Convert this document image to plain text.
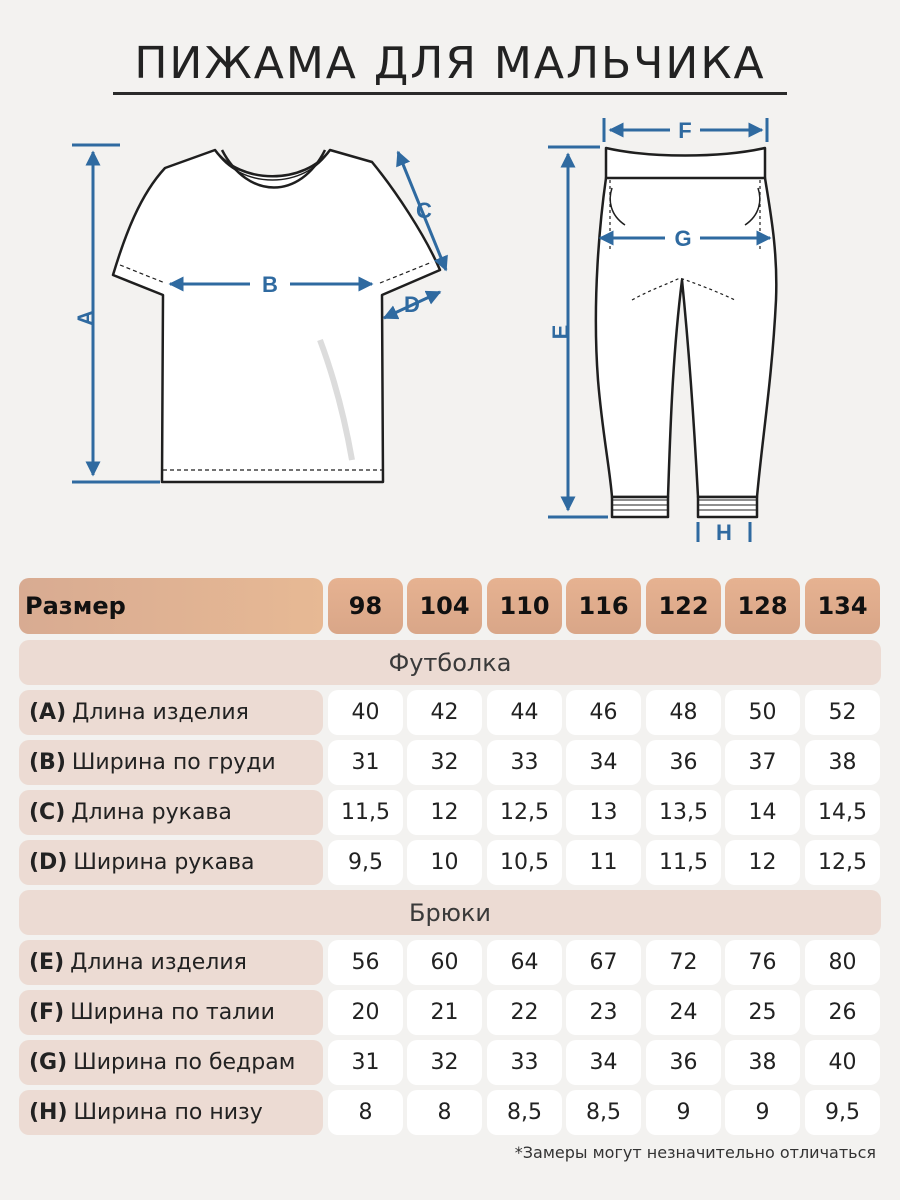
ПИЖАМА ДЛЯ МАЛЬЧИКА
A
B
C
D
F
G
E
H
Размер	98	104	110	116	122	128	134
Футболка
(A) Длина изделия	40	42	44	46	48	50	52
(B) Ширина по груди	31	32	33	34	36	37	38
(C) Длина рукава	11,5	12	12,5	13	13,5	14	14,5
(D) Ширина рукава	9,5	10	10,5	11	11,5	12	12,5
Брюки
(E) Длина изделия	56	60	64	67	72	76	80
(F) Ширина по талии	20	21	22	23	24	25	26
(G) Ширина по бедрам	31	32	33	34	36	38	40
(H) Ширина по низу	8	8	8,5	8,5	9	9	9,5
*Замеры могут незначительно отличаться
